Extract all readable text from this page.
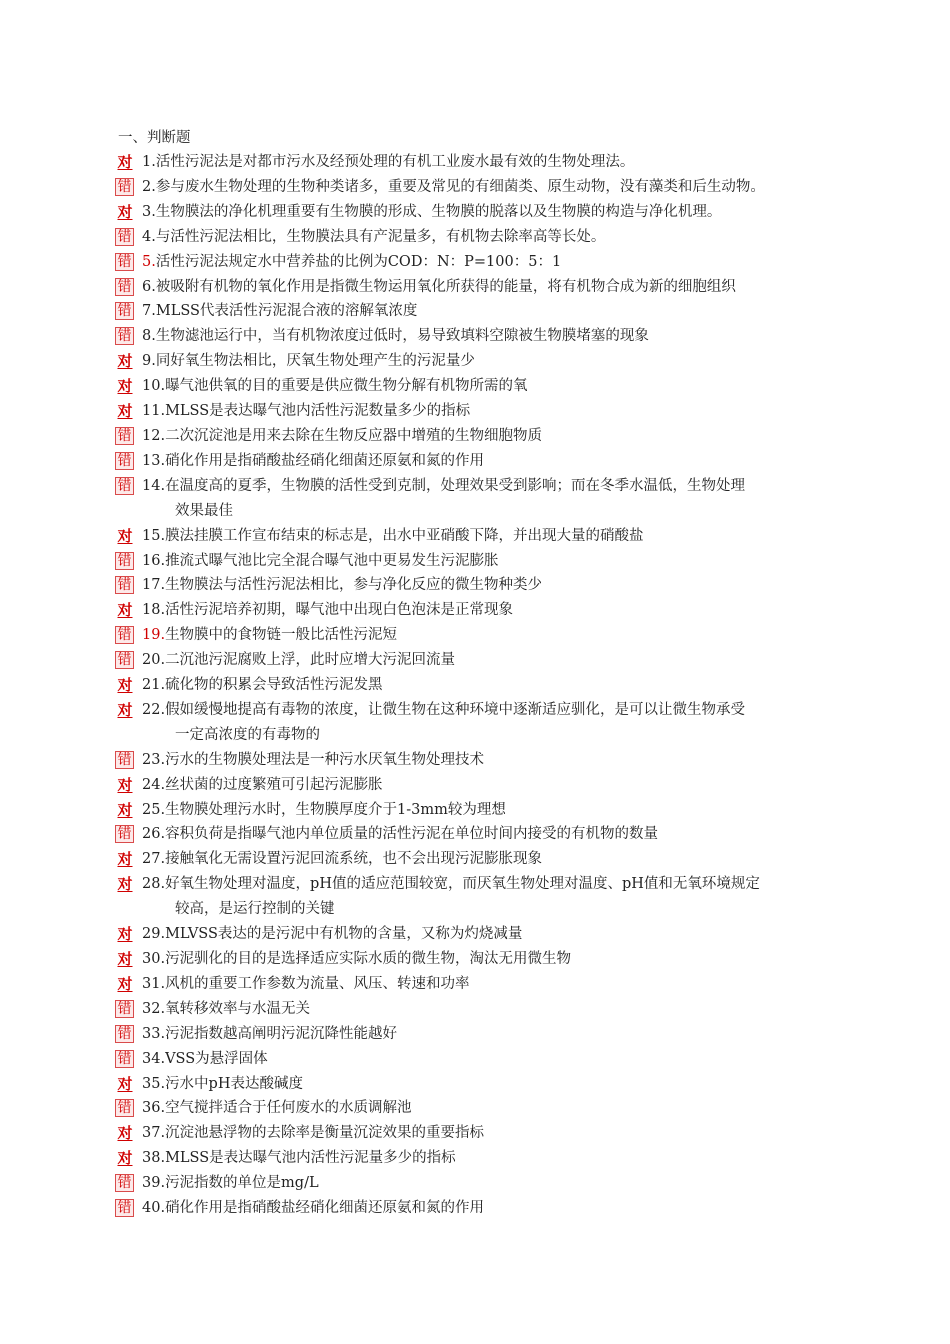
一、判断题
对 1.活性污泥法是对都市污水及经预处理的有机工业废水最有效的生物处理法。
错 2.参与废水生物处理的生物种类诸多，重要及常见的有细菌类、原生动物，没有藻类和后生动物。
对 3.生物膜法的净化机理重要有生物膜的形成、生物膜的脱落以及生物膜的构造与净化机理。
错 4.与活性污泥法相比，生物膜法具有产泥量多，有机物去除率高等长处。
错 5.活性污泥法规定水中营养盐的比例为COD：N：P=100：5：1
错 6.被吸附有机物的氧化作用是指微生物运用氧化所获得的能量，将有机物合成为新的细胞组织
错 7.MLSS代表活性污泥混合液的溶解氧浓度
错 8.生物滤池运行中，当有机物浓度过低时，易导致填料空隙被生物膜堵塞的现象
对 9.同好氧生物法相比，厌氧生物处理产生的污泥量少
对 10.曝气池供氧的目的重要是供应微生物分解有机物所需的氧
对 11.MLSS是表达曝气池内活性污泥数量多少的指标
错 12.二次沉淀池是用来去除在生物反应器中增殖的生物细胞物质
错 13.硝化作用是指硝酸盐经硝化细菌还原氨和氮的作用
错 14.在温度高的夏季，生物膜的活性受到克制，处理效果受到影响；而在冬季水温低，生物处理
效果最佳
对 15.膜法挂膜工作宣布结束的标志是，出水中亚硝酸下降，并出现大量的硝酸盐
错 16.推流式曝气池比完全混合曝气池中更易发生污泥膨胀
错 17.生物膜法与活性污泥法相比，参与净化反应的微生物种类少
对 18.活性污泥培养初期，曝气池中出现白色泡沫是正常现象
错 19.生物膜中的食物链一般比活性污泥短
错 20.二沉池污泥腐败上浮，此时应增大污泥回流量
对 21.硫化物的积累会导致活性污泥发黑
对 22.假如缓慢地提高有毒物的浓度，让微生物在这种环境中逐渐适应驯化，是可以让微生物承受
一定高浓度的有毒物的
错 23.污水的生物膜处理法是一种污水厌氧生物处理技术
对 24.丝状菌的过度繁殖可引起污泥膨胀
对 25.生物膜处理污水时，生物膜厚度介于1-3mm较为理想
错 26.容积负荷是指曝气池内单位质量的活性污泥在单位时间内接受的有机物的数量
对 27.接触氧化无需设置污泥回流系统，也不会出现污泥膨胀现象
对 28.好氧生物处理对温度，pH值的适应范围较宽，而厌氧生物处理对温度、pH值和无氧环境规定
较高，是运行控制的关键
对 29.MLVSS表达的是污泥中有机物的含量，又称为灼烧减量
对 30.污泥驯化的目的是选择适应实际水质的微生物，淘汰无用微生物
对 31.风机的重要工作参数为流量、风压、转速和功率
错 32.氧转移效率与水温无关
错 33.污泥指数越高阐明污泥沉降性能越好
错 34.VSS为悬浮固体
对 35.污水中pH表达酸碱度
错 36.空气搅拌适合于任何废水的水质调解池
对 37.沉淀池悬浮物的去除率是衡量沉淀效果的重要指标
对 38.MLSS是表达曝气池内活性污泥量多少的指标
错 39.污泥指数的单位是mg/L
错 40.硝化作用是指硝酸盐经硝化细菌还原氨和氮的作用
